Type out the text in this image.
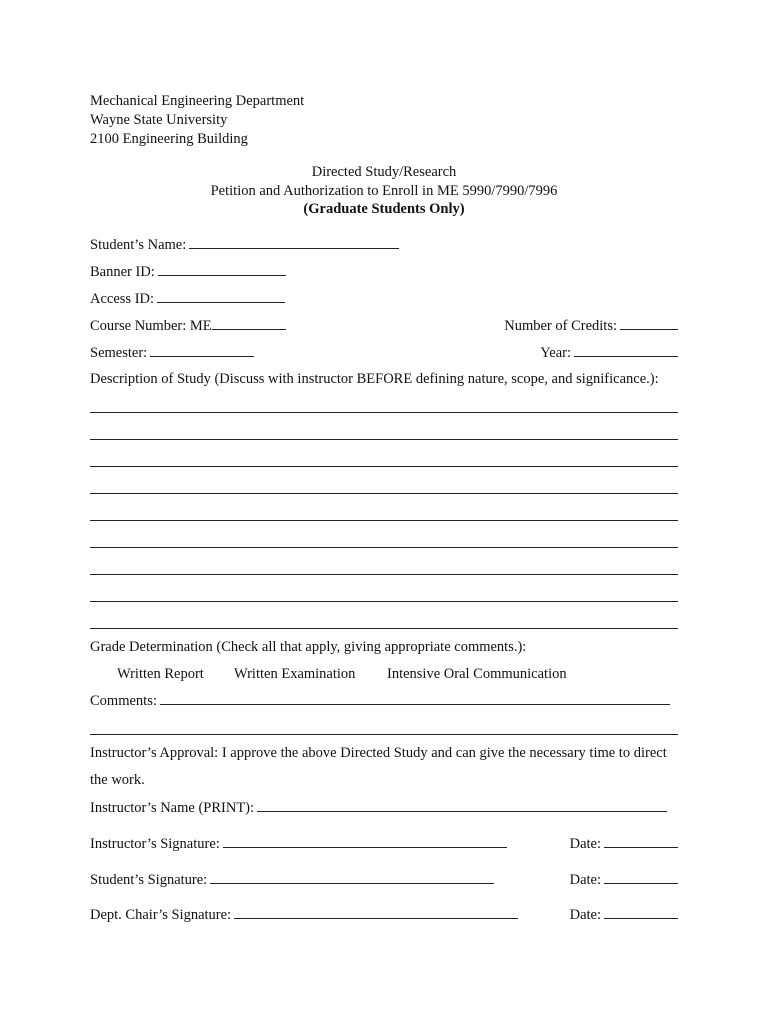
Mechanical Engineering Department
Wayne State University
2100 Engineering Building
Directed Study/Research
Petition and Authorization to Enroll in ME 5990/7990/7996
(Graduate Students Only)
Student’s Name:
Banner ID:
Access ID:
Course Number: ME	Number of Credits:
Semester:	Year:
Description of Study (Discuss with instructor BEFORE defining nature, scope, and significance.):
Grade Determination (Check all that apply, giving appropriate comments.):
Written Report Written Examination Intensive Oral Communication
Comments:
Instructor’s Approval: I approve the above Directed Study and can give the necessary time to direct
the work.
Instructor’s Name (PRINT):
Instructor’s Signature:	Date:
Student’s Signature:	Date:
Dept. Chair’s Signature:	Date:
